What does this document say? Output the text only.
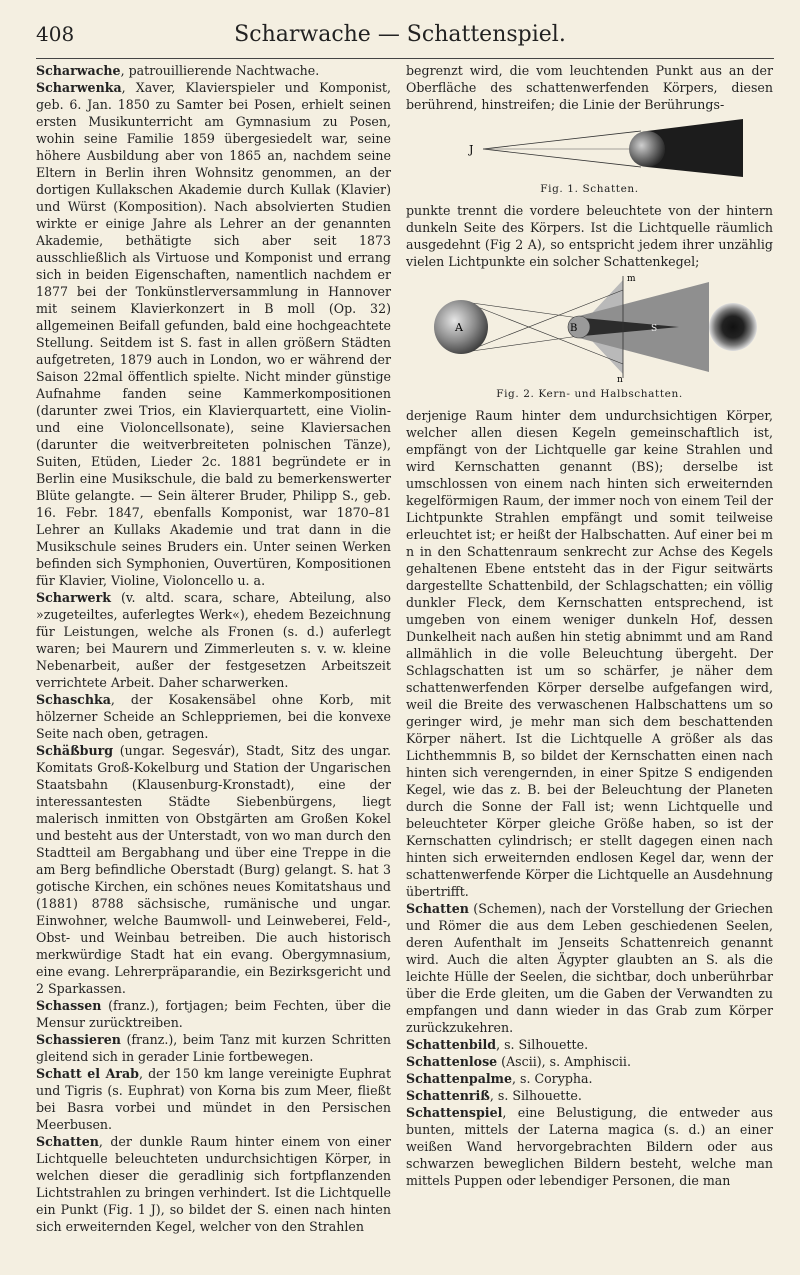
408	Scharwache — Schattenspiel.

Scharwache, patrouillierende Nachtwache.

Scharwenka, Xaver, Klavierspieler und Komponist, geb. 6. Jan. 1850 zu Samter bei Posen, erhielt seinen ersten Musikunterricht am Gymnasium zu Posen, wohin seine Familie 1859 übergesiedelt war, seine höhere Ausbildung aber von 1865 an, nachdem seine Eltern in Berlin ihren Wohnsitz genommen, an der dortigen Kullakschen Akademie durch Kullak (Klavier) und Würst (Komposition). Nach absolvierten Studien wirkte er einige Jahre als Lehrer an der genannten Akademie, bethätigte sich aber seit 1873 ausschließlich als Virtuose und Komponist und errang sich in beiden Eigenschaften, namentlich nachdem er 1877 bei der Tonkünstlerversammlung in Hannover mit seinem Klavierkonzert in B moll (Op. 32) allgemeinen Beifall gefunden, bald eine hochgeachtete Stellung. Seitdem ist S. fast in allen größern Städten aufgetreten, 1879 auch in London, wo er während der Saison 22mal öffentlich spielte. Nicht minder günstige Aufnahme fanden seine Kammerkompositionen (darunter zwei Trios, ein Klavierquartett, eine Violin- und eine Violoncellsonate), seine Klaviersachen (darunter die weitverbreiteten polnischen Tänze), Suiten, Etüden, Lieder 2c. 1881 begründete er in Berlin eine Musikschule, die bald zu bemerkenswerter Blüte gelangte. — Sein älterer Bruder, Philipp S., geb. 16. Febr. 1847, ebenfalls Komponist, war 1870–81 Lehrer an Kullaks Akademie und trat dann in die Musikschule seines Bruders ein. Unter seinen Werken befinden sich Symphonien, Ouvertüren, Kompositionen für Klavier, Violine, Violoncello u. a.

Scharwerk (v. altd. scara, schare, Abteilung, also »zugeteiltes, auferlegtes Werk«), ehedem Bezeichnung für Leistungen, welche als Fronen (s. d.) auferlegt waren; bei Maurern und Zimmerleuten s. v. w. kleine Nebenarbeit, außer der festgesetzen Arbeitszeit verrichtete Arbeit. Daher scharwerken.

Schaschka, der Kosakensäbel ohne Korb, mit hölzerner Scheide an Schleppriemen, bei die konvexe Seite nach oben, getragen.

Schäßburg (ungar. Segesvár), Stadt, Sitz des ungar. Komitats Groß-Kokelburg und Station der Ungarischen Staatsbahn (Klausenburg-Kronstadt), eine der interessantesten Städte Siebenbürgens, liegt malerisch inmitten von Obstgärten am Großen Kokel und besteht aus der Unterstadt, von wo man durch den Stadtteil am Bergabhang und über eine Treppe in die am Berg befindliche Oberstadt (Burg) gelangt. S. hat 3 gotische Kirchen, ein schönes neues Komitatshaus und (1881) 8788 sächsische, rumänische und ungar. Einwohner, welche Baumwoll- und Leinweberei, Feld-, Obst- und Weinbau betreiben. Die auch historisch merkwürdige Stadt hat ein evang. Obergymnasium, eine evang. Lehrerpräparandie, ein Bezirksgericht und 2 Sparkassen.

Schassen (franz.), fortjagen; beim Fechten, über die Mensur zurücktreiben.

Schassieren (franz.), beim Tanz mit kurzen Schritten gleitend sich in gerader Linie fortbewegen.

Schatt el Arab, der 150 km lange vereinigte Euphrat und Tigris (s. Euphrat) von Korna bis zum Meer, fließt bei Basra vorbei und mündet in den Persischen Meerbusen.

Schatten, der dunkle Raum hinter einem von einer Lichtquelle beleuchteten undurchsichtigen Körper, in welchen dieser die geradlinig sich fortpflanzenden Lichtstrahlen zu bringen verhindert. Ist die Lichtquelle ein Punkt (Fig. 1 J), so bildet der S. einen nach hinten sich erweiternden Kegel, welcher von den Strahlen

begrenzt wird, die vom leuchtenden Punkt aus an der Oberfläche des schattenwerfenden Körpers, diesen berührend, hinstreifen; die Linie der Berührungs-

J
Fig. 1. Schatten.

punkte trennt die vordere beleuchtete von der hintern dunkeln Seite des Körpers. Ist die Lichtquelle räumlich ausgedehnt (Fig 2 A), so entspricht jedem ihrer unzählig vielen Lichtpunkte ein solcher Schattenkegel;

A	B	S
m
n
Fig. 2. Kern- und Halbschatten.

derjenige Raum hinter dem undurchsichtigen Körper, welcher allen diesen Kegeln gemeinschaftlich ist, empfängt von der Lichtquelle gar keine Strahlen und wird Kernschatten genannt (BS); derselbe ist umschlossen von einem nach hinten sich erweiternden kegelförmigen Raum, der immer noch von einem Teil der Lichtpunkte Strahlen empfängt und somit teilweise erleuchtet ist; er heißt der Halbschatten. Auf einer bei m n in den Schattenraum senkrecht zur Achse des Kegels gehaltenen Ebene entsteht das in der Figur seitwärts dargestellte Schattenbild, der Schlagschatten; ein völlig dunkler Fleck, dem Kernschatten entsprechend, ist umgeben von einem weniger dunkeln Hof, dessen Dunkelheit nach außen hin stetig abnimmt und am Rand allmählich in die volle Beleuchtung übergeht. Der Schlagschatten ist um so schärfer, je näher dem schattenwerfenden Körper derselbe aufgefangen wird, weil die Breite des verwaschenen Halbschattens um so geringer wird, je mehr man sich dem beschattenden Körper nähert. Ist die Lichtquelle A größer als das Lichthemmnis B, so bildet der Kernschatten einen nach hinten sich verengernden, in einer Spitze S endigenden Kegel, wie das z. B. bei der Beleuchtung der Planeten durch die Sonne der Fall ist; wenn Lichtquelle und beleuchteter Körper gleiche Größe haben, so ist der Kernschatten cylindrisch; er stellt dagegen einen nach hinten sich erweiternden endlosen Kegel dar, wenn der schattenwerfende Körper die Lichtquelle an Ausdehnung übertrifft.

Schatten (Schemen), nach der Vorstellung der Griechen und Römer die aus dem Leben geschiedenen Seelen, deren Aufenthalt im Jenseits Schattenreich genannt wird. Auch die alten Ägypter glaubten an S. als die leichte Hülle der Seelen, die sichtbar, doch unberührbar über die Erde gleiten, um die Gaben der Verwandten zu empfangen und dann wieder in das Grab zum Körper zurückzukehren.

Schattenbild, s. Silhouette.

Schattenlose (Ascii), s. Amphiscii.

Schattenpalme, s. Corypha.

Schattenriß, s. Silhouette.

Schattenspiel, eine Belustigung, die entweder aus bunten, mittels der Laterna magica (s. d.) an einer weißen Wand hervorgebrachten Bildern oder aus schwarzen beweglichen Bildern besteht, welche man mittels Puppen oder lebendiger Personen, die man
